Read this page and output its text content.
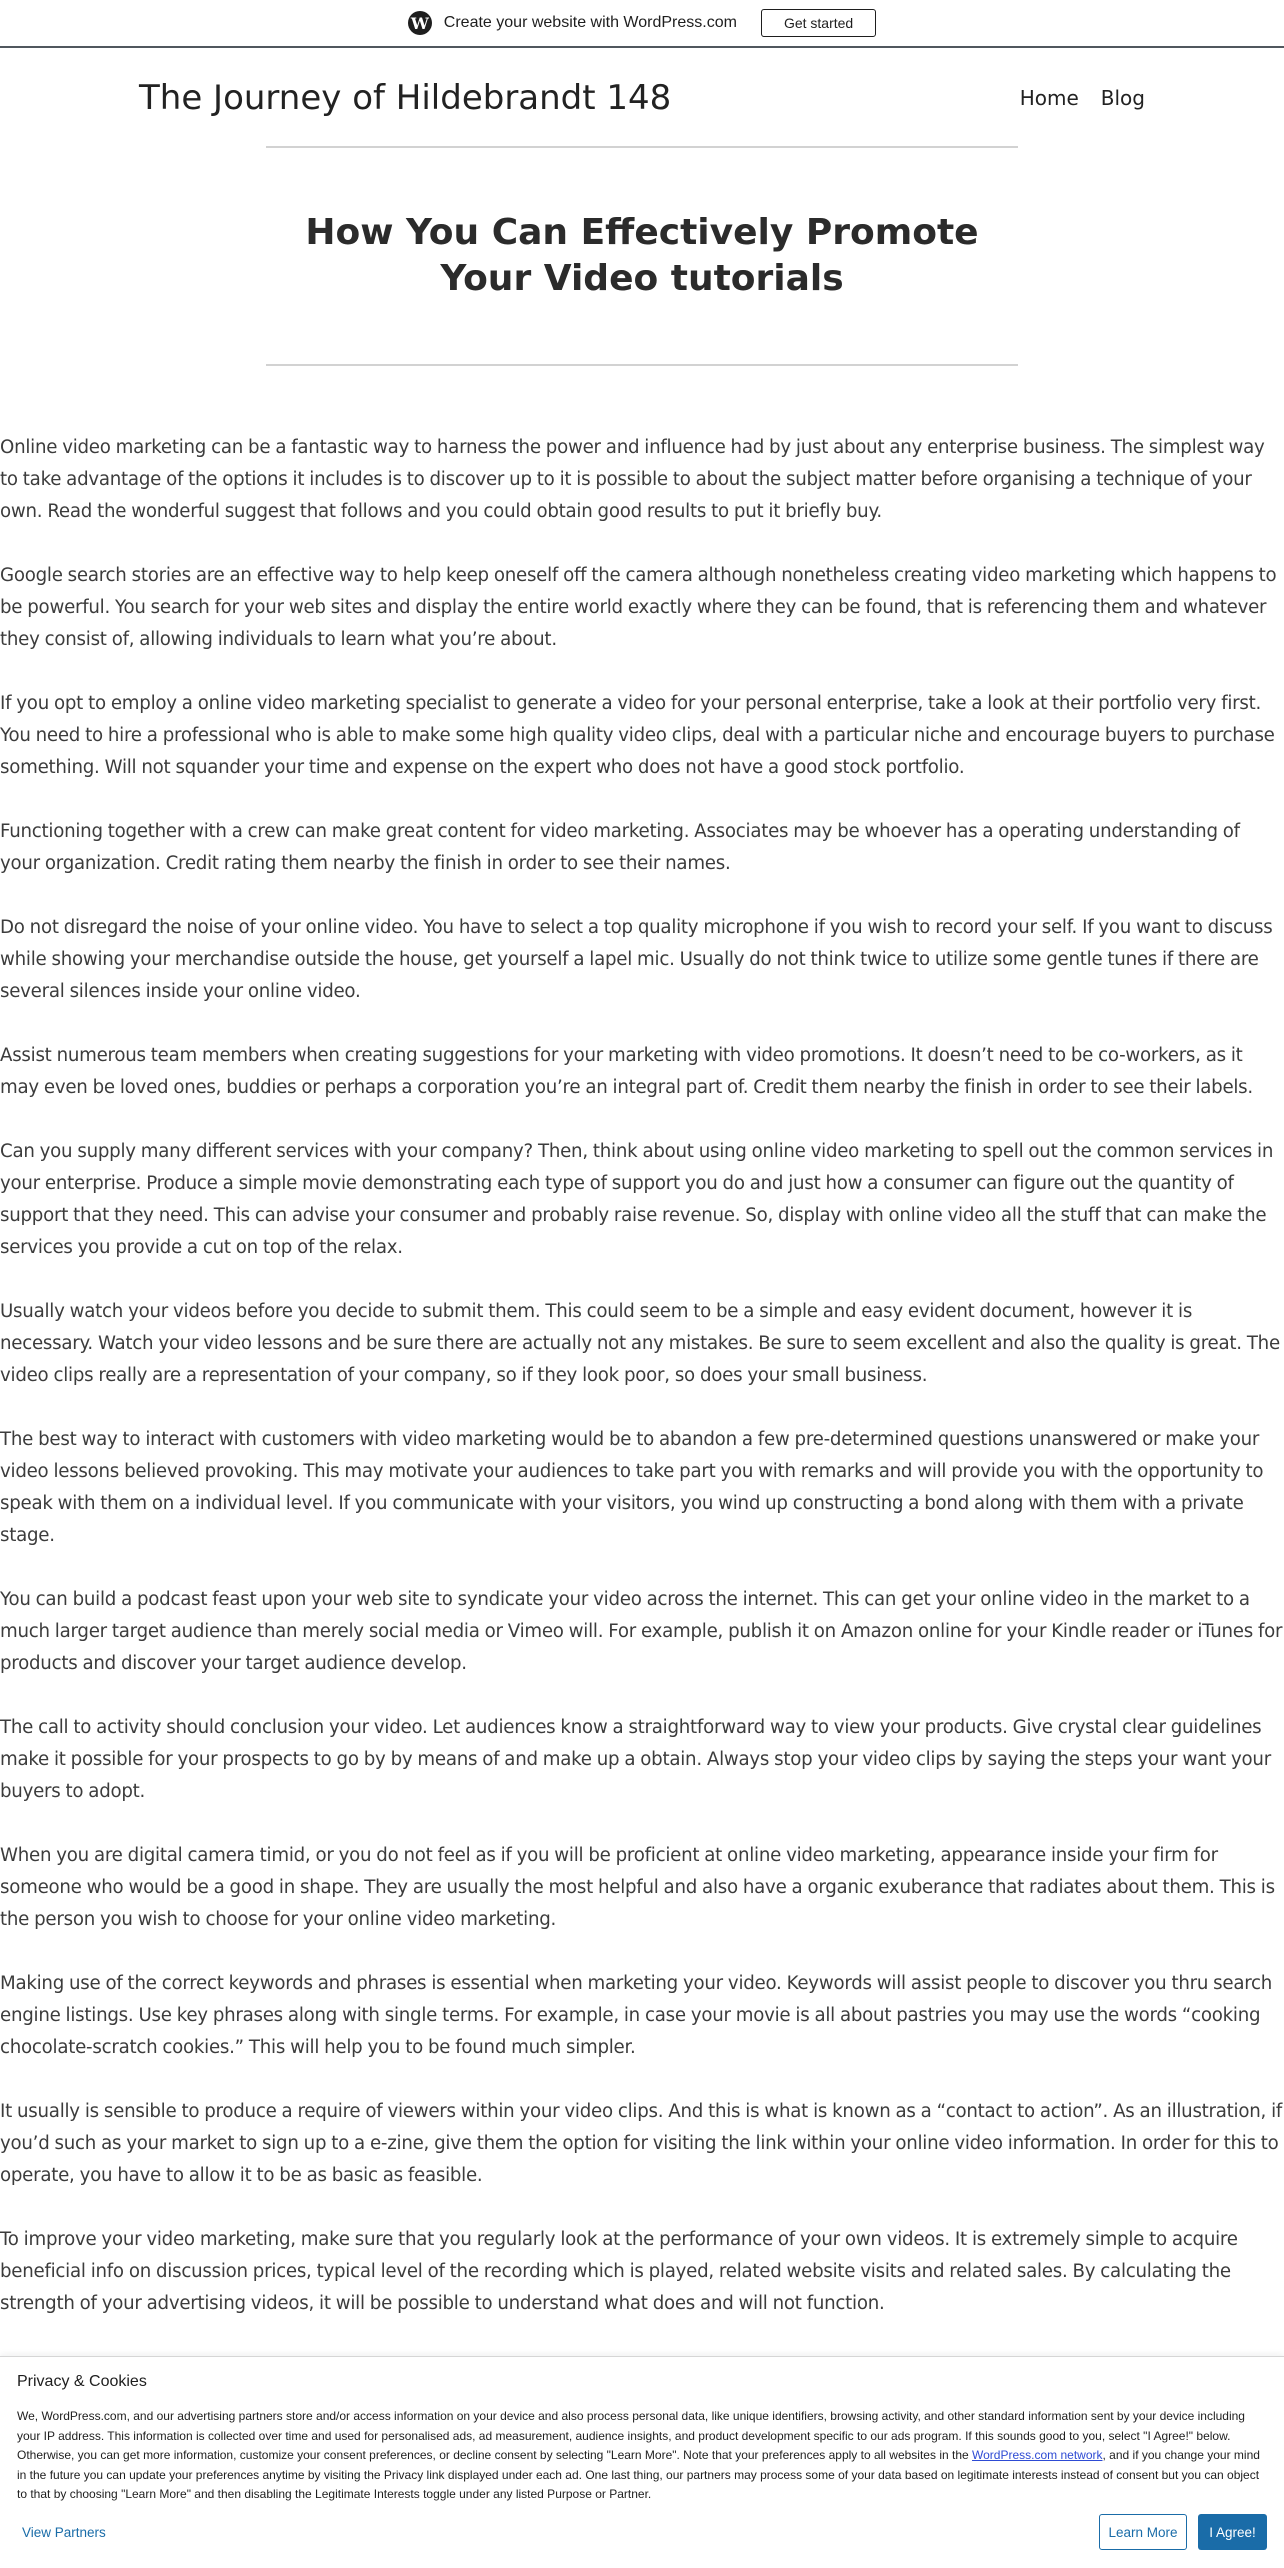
W Create your website with WordPress.com	Get started
The Journey of Hildebrandt 148	Home Blog
How You Can Effectively Promote Your Video tutorials

Online video marketing can be a fantastic way to harness the power and influence had by just about any enterprise business. The simplest way to take advantage of the options it includes is to discover up to it is possible to about the subject matter before organising a technique of your own. Read the wonderful suggest that follows and you could obtain good results to put it briefly buy.

Google search stories are an effective way to help keep oneself off the camera although nonetheless creating video marketing which happens to be powerful. You search for your web sites and display the entire world exactly where they can be found, that is referencing them and whatever they consist of, allowing individuals to learn what you’re about.

If you opt to employ a online video marketing specialist to generate a video for your personal enterprise, take a look at their portfolio very first. You need to hire a professional who is able to make some high quality video clips, deal with a particular niche and encourage buyers to purchase something. Will not squander your time and expense on the expert who does not have a good stock portfolio.

Functioning together with a crew can make great content for video marketing. Associates may be whoever has a operating understanding of your organization. Credit rating them nearby the finish in order to see their names.

Do not disregard the noise of your online video. You have to select a top quality microphone if you wish to record your self. If you want to discuss while showing your merchandise outside the house, get yourself a lapel mic. Usually do not think twice to utilize some gentle tunes if there are several silences inside your online video.

Assist numerous team members when creating suggestions for your marketing with video promotions. It doesn’t need to be co-workers, as it may even be loved ones, buddies or perhaps a corporation you’re an integral part of. Credit them nearby the finish in order to see their labels.

Can you supply many different services with your company? Then, think about using online video marketing to spell out the common services in your enterprise. Produce a simple movie demonstrating each type of support you do and just how a consumer can figure out the quantity of support that they need. This can advise your consumer and probably raise revenue. So, display with online video all the stuff that can make the services you provide a cut on top of the relax.

Usually watch your videos before you decide to submit them. This could seem to be a simple and easy evident document, however it is necessary. Watch your video lessons and be sure there are actually not any mistakes. Be sure to seem excellent and also the quality is great. The video clips really are a representation of your company, so if they look poor, so does your small business.

The best way to interact with customers with video marketing would be to abandon a few pre-determined questions unanswered or make your video lessons believed provoking. This may motivate your audiences to take part you with remarks and will provide you with the opportunity to speak with them on a individual level. If you communicate with your visitors, you wind up constructing a bond along with them with a private stage.

You can build a podcast feast upon your web site to syndicate your video across the internet. This can get your online video in the market to a much larger target audience than merely social media or Vimeo will. For example, publish it on Amazon online for your Kindle reader or iTunes for products and discover your target audience develop.

The call to activity should conclusion your video. Let audiences know a straightforward way to view your products. Give crystal clear guidelines make it possible for your prospects to go by by means of and make up a obtain. Always stop your video clips by saying the steps your want your buyers to adopt.

When you are digital camera timid, or you do not feel as if you will be proficient at online video marketing, appearance inside your firm for someone who would be a good in shape. They are usually the most helpful and also have a organic exuberance that radiates about them. This is the person you wish to choose for your online video marketing.

Making use of the correct keywords and phrases is essential when marketing your video. Keywords will assist people to discover you thru search engine listings. Use key phrases along with single terms. For example, in case your movie is all about pastries you may use the words “cooking chocolate-scratch cookies.” This will help you to be found much simpler.

It usually is sensible to produce a require of viewers within your video clips. And this is what is known as a “contact to action”. As an illustration, if you’d such as your market to sign up to a e-zine, give them the option for visiting the link within your online video information. In order for this to operate, you have to allow it to be as basic as feasible.

To improve your video marketing, make sure that you regularly look at the performance of your own videos. It is extremely simple to acquire beneficial info on discussion prices, typical level of the recording which is played, related website visits and related sales. By calculating the strength of your advertising videos, it will be possible to understand what does and will not function.

Privacy & Cookies
We, WordPress.com, and our advertising partners store and/or access information on your device and also process personal data, like unique identifiers, browsing activity, and other standard information sent by your device including your IP address. This information is collected over time and used for personalised ads, ad measurement, audience insights, and product development specific to our ads program. If this sounds good to you, select "I Agree!" below. Otherwise, you can get more information, customize your consent preferences, or decline consent by selecting "Learn More". Note that your preferences apply to all websites in the WordPress.com network, and if you change your mind in the future you can update your preferences anytime by visiting the Privacy link displayed under each ad. One last thing, our partners may process some of your data based on legitimate interests instead of consent but you can object to that by choosing "Learn More" and then disabling the Legitimate Interests toggle under any listed Purpose or Partner.
View Partners	Learn More	I Agree!
